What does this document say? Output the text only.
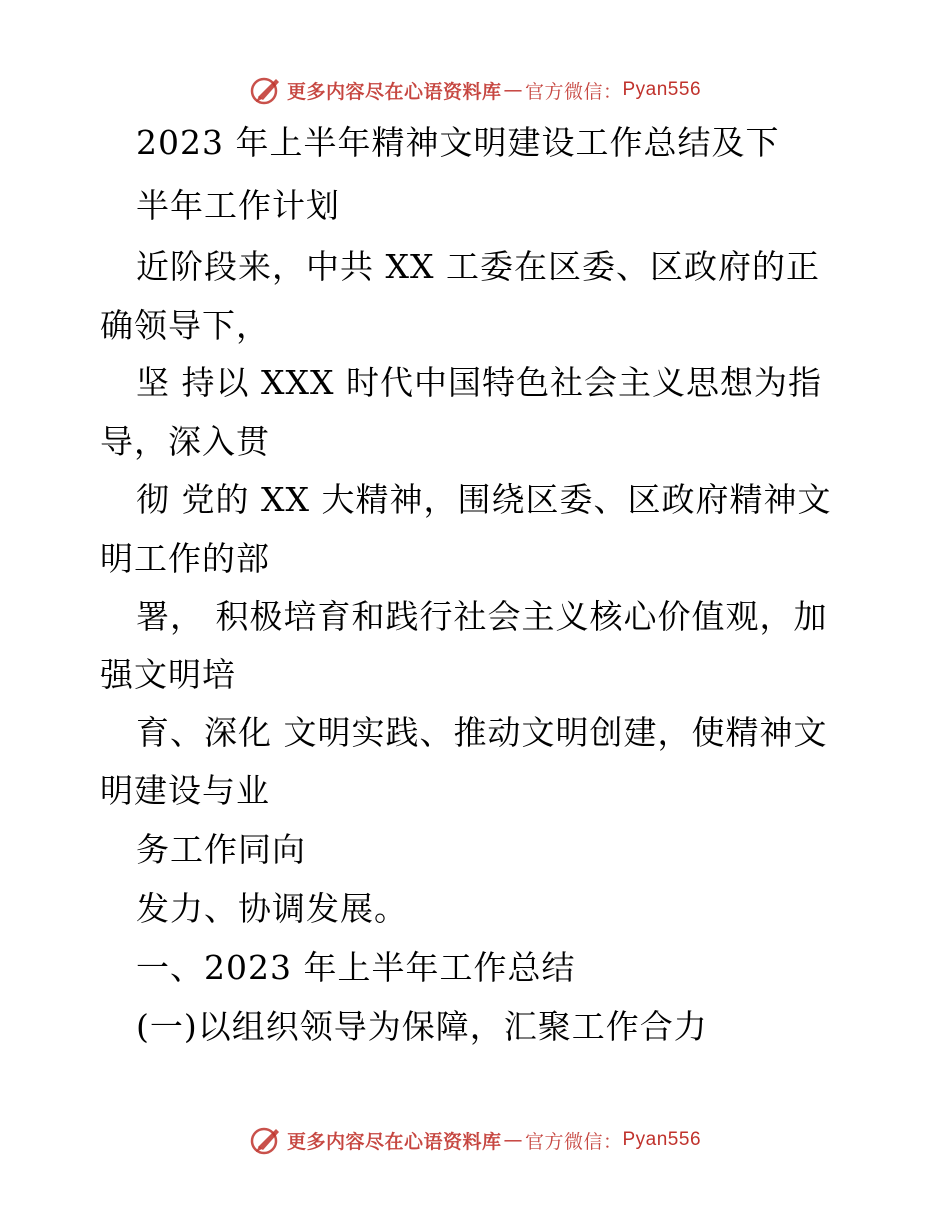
更多内容尽在心语资料库 — 官方微信： Pyan556
2023 年上半年精神文明建设工作总结及下
半年工作计划
近阶段来，中共 XX 工委在区委、区政府的正
确领导下，
坚 持以 XXX 时代中国特色社会主义思想为指
导，深入贯
彻 党的 XX 大精神，围绕区委、区政府精神文
明工作的部
署， 积极培育和践行社会主义核心价值观，加
强文明培
育、深化 文明实践、推动文明创建，使精神文
明建设与业
务工作同向
发力、协调发展。
一、2023 年上半年工作总结
(一)以组织领导为保障，汇聚工作合力
更多内容尽在心语资料库 — 官方微信： Pyan556
